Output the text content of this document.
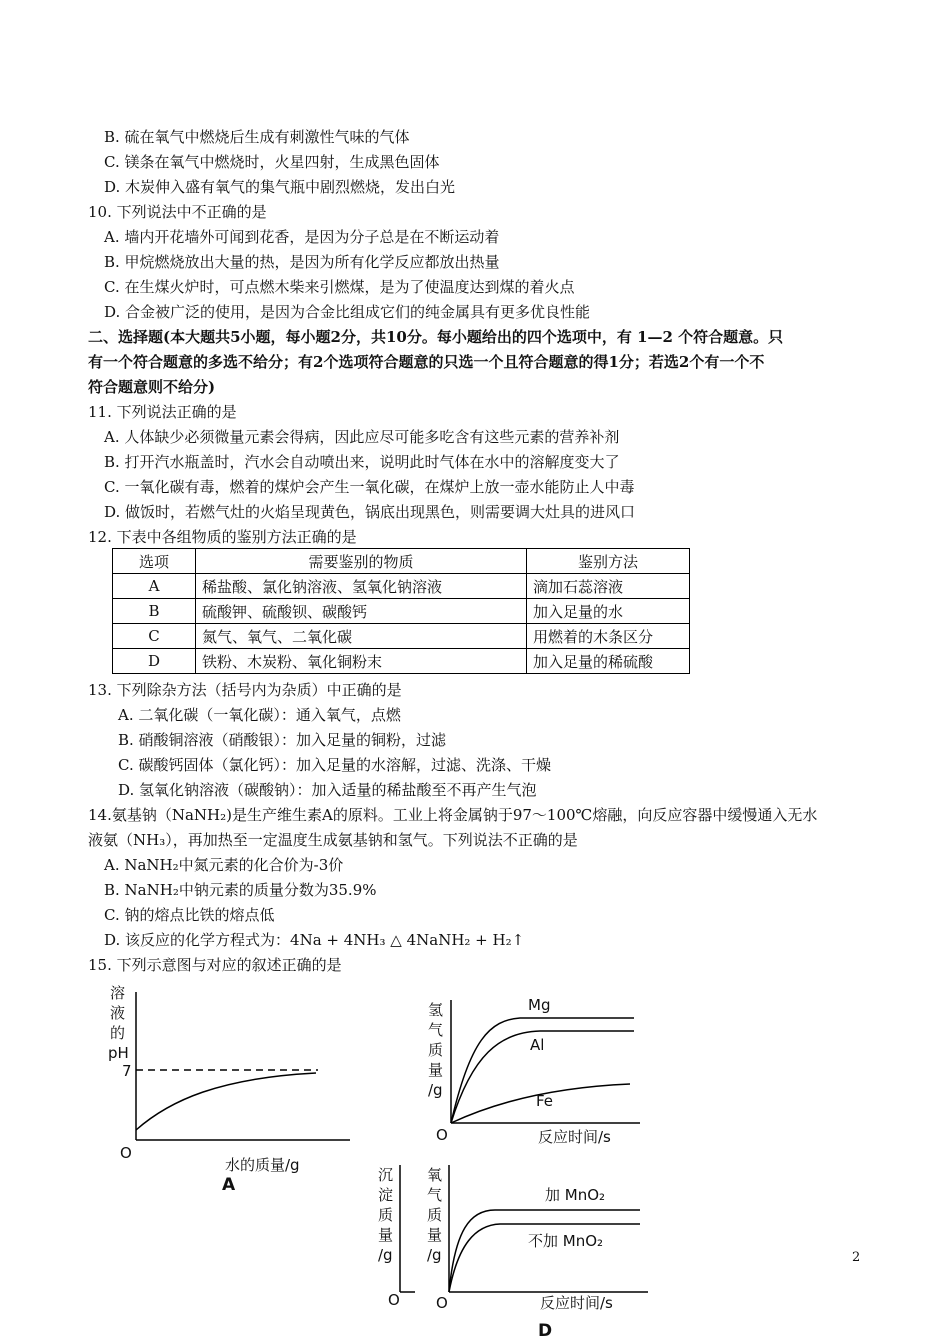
B. 硫在氧气中燃烧后生成有刺激性气味的气体
C. 镁条在氧气中燃烧时，火星四射，生成黑色固体
D. 木炭伸入盛有氧气的集气瓶中剧烈燃烧，发出白光
10. 下列说法中不正确的是
A. 墙内开花墙外可闻到花香，是因为分子总是在不断运动着
B. 甲烷燃烧放出大量的热，是因为所有化学反应都放出热量
C. 在生煤火炉时，可点燃木柴来引燃煤，是为了使温度达到煤的着火点
D. 合金被广泛的使用，是因为合金比组成它们的纯金属具有更多优良性能
二、选择题(本大题共5小题，每小题2分，共10分。每小题给出的四个选项中，有 1—2 个符合题意。只
有一个符合题意的多选不给分；有2个选项符合题意的只选一个且符合题意的得1分；若选2个有一个不
符合题意则不给分)
11. 下列说法正确的是
A. 人体缺少必须微量元素会得病，因此应尽可能多吃含有这些元素的营养补剂
B. 打开汽水瓶盖时，汽水会自动喷出来，说明此时气体在水中的溶解度变大了
C. 一氧化碳有毒，燃着的煤炉会产生一氧化碳，在煤炉上放一壶水能防止人中毒
D. 做饭时，若燃气灶的火焰呈现黄色，锅底出现黑色，则需要调大灶具的进风口
12. 下表中各组物质的鉴别方法正确的是
选项	需要鉴别的物质	鉴别方法
A	稀盐酸、氯化钠溶液、氢氧化钠溶液	滴加石蕊溶液
B	硫酸钾、硫酸钡、碳酸钙	加入足量的水
C	氮气、氧气、二氧化碳	用燃着的木条区分
D	铁粉、木炭粉、氧化铜粉末	加入足量的稀硫酸
13. 下列除杂方法（括号内为杂质）中正确的是
A. 二氧化碳（一氧化碳）：通入氧气，点燃
B. 硝酸铜溶液（硝酸银）：加入足量的铜粉，过滤
C. 碳酸钙固体（氯化钙）：加入足量的水溶解，过滤、洗涤、干燥
D. 氢氧化钠溶液（碳酸钠）：加入适量的稀盐酸至不再产生气泡
14.氨基钠（NaNH₂)是生产维生素A的原料。工业上将金属钠于97～100℃熔融，向反应容器中缓慢通入无水
液氨（NH₃），再加热至一定温度生成氨基钠和氢气。下列说法不正确的是
A. NaNH₂中氮元素的化合价为-3价
B. NaNH₂中钠元素的质量分数为35.9%
C. 钠的熔点比铁的熔点低
D. 该反应的化学方程式为：4Na + 4NH₃ △ 4NaNH₂ + H₂↑
15. 下列示意图与对应的叙述正确的是
2
溶
液
的
pH
7
O
水的质量/g
A
氢
气
质
量
/g
O	反应时间/s
Mg
Al
Fe
沉
淀
质
量
/g
O
氧
气
质
量
/g
O	反应时间/s
加 MnO₂
不加 MnO₂
D
